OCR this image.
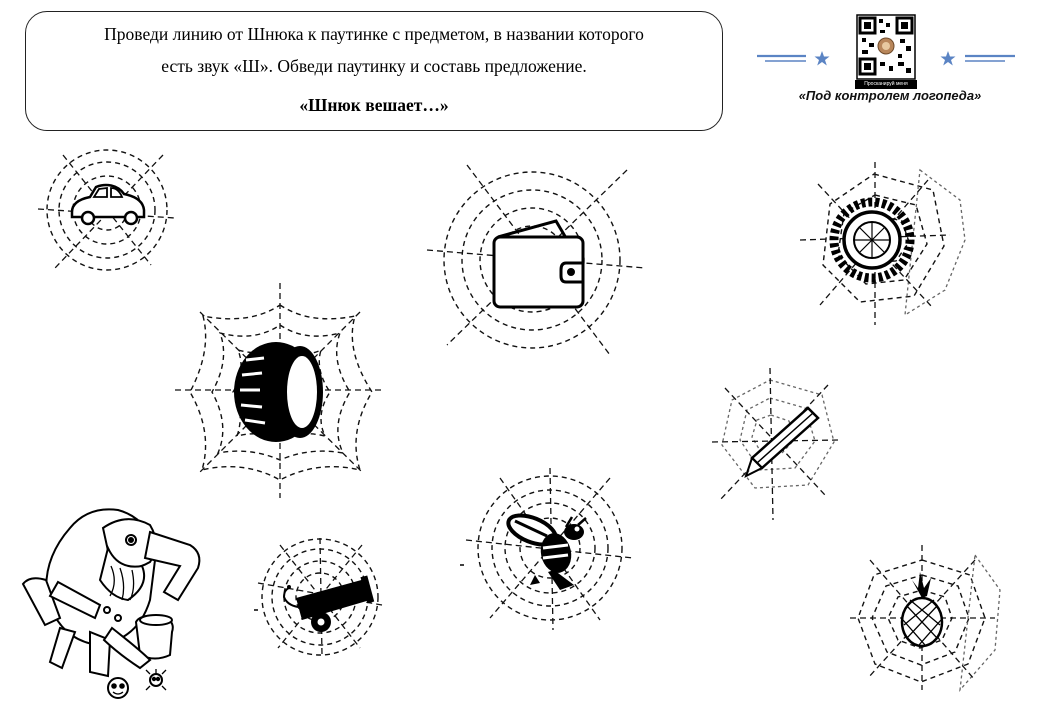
Проведи линию от Шнюка к паутинке с предметом, в названии которого
есть звук «Ш». Обведи паутинку и составь предложение.
«Шнюк вешает…»
Просканируй меня
«Под контролем логопеда»
